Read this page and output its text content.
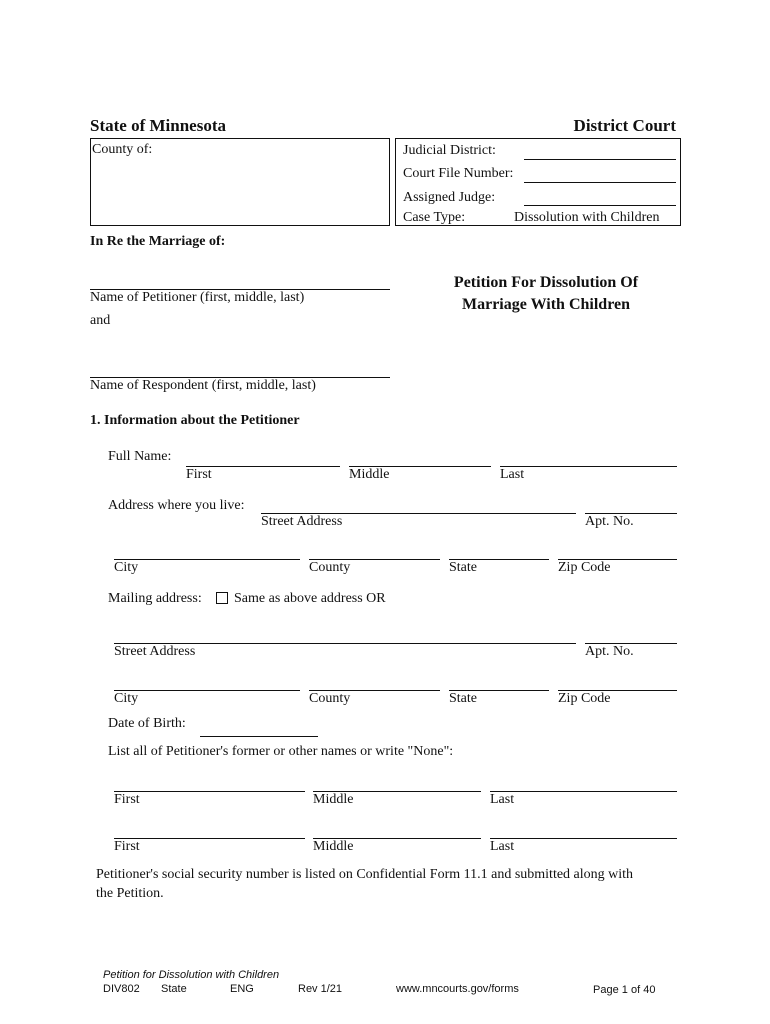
State of Minnesota	District Court
County of:	Judicial District:
Court File Number:
Assigned Judge:
Case Type:	Dissolution with Children
In Re the Marriage of:
Name of Petitioner (first, middle, last)
and
Name of Respondent (first, middle, last)
Petition For Dissolution Of
Marriage With Children
1. Information about the Petitioner
Full Name:
First	Middle	Last
Address where you live:
Street Address	Apt. No.
City	County	State	Zip Code
Mailing address: Same as above address OR
Street Address	Apt. No.
City	County	State	Zip Code
Date of Birth:
List all of Petitioner's former or other names or write "None":
First	Middle	Last
First	Middle	Last
Petitioner's social security number is listed on Confidential Form 11.1 and submitted along with
the Petition.
Petition for Dissolution with Children
DIV802 State	ENG	Rev 1/21	www.mncourts.gov/forms	Page 1 of 40
